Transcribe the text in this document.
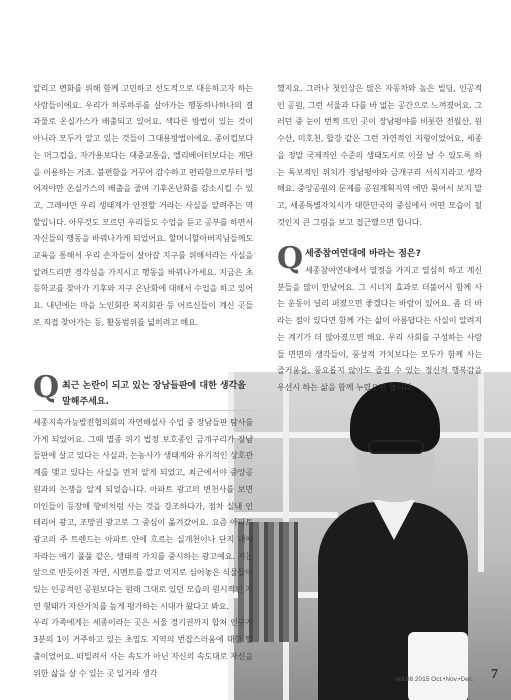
알리고 변화를 위해 함께 고민하고 선도적으로 대응하고자 하는 사람들이에요. 우리가 하루하루를 살아가는 행동하나하나의 결과물로 온실가스가 배출되고 있어요. 색다른 방법이 있는 것이 아니라 모두가 알고 있는 것들이 그대용방법이에요. 종이컵보다는 머그컵을, 자가용보다는 대중교통을, 엘리베이터보다는 계단을 이용하는 거죠. 불편함을 거꾸어 감수하고 편리함으로부터 멀어져야만 온실가스의 배출을 줄여 기후온난화를 감소시킬 수 있고, 그래야만 우리 생태계가 안전할 거라는 사실을 알려주는 역할입니다. 아무것도 모르던 우리들도 수업을 듣고 공부를 하면서 자신들의 행동을 바꿔나가게 되었어요. 할머니할아버지님들께도 교육을 통해서 우리 손자들이 살아갈 지구를 위해서라는 사실을 알려드리면 경각심을 가지시고 행동을 바꿔나가세요. 지금은 초등학교를 찾아가 기후와 지구 온난화에 대해서 수업을 하고 있어요. 내년에는 마을 노인회관 복지회관 등 어르신들이 계신 곳들로 직접 찾아가는 등, 활동범위를 넓히려고 해요.

Q 최근 논란이 되고 있는 장남들판에 대한 생각을 말해주세요.

세종지속가능발전협의회의 자연해설사 수업 중 장남들판 탐사를 가게 되었어요. 그때 멸종 위기 법정 보호종인 금개구리가 장남들판에 살고 있다는 사실과, 논농사가 생태계와 유기적인 상호관계를 맺고 있다는 사실을 먼저 알게 되었고, 최근에서야 중앙공원과의 논쟁을 알게 되었습니다. 아파트 광고의 변천사를 보면 미인들이 등장해 향비처럼 사는 것을 강조하다가, 점차 실내 인테리어 광고, 조망권 광고로 그 중심이 옮겨갔어요. 요즘 아파트 광고의 주 트렌드는 아파트 안에 흐르는 실개천이나 단지 내에 자라는 애기 풀풀 같은, 생태적 가치를 중시하는 광고예요. 저는 앞으로 반듯이진 자연, 시멘트를 깔고 억지로 심어놓은 식물들이 있는 인공적인 공원보다는 원래 그대로 있던 모습의 원시적인 자연 형태가 자산가치를 높게 평가하는 시대가 왔다고 봐요.

우리 가족에게는 세종이라는 곳은 서울 경기권까지 합쳐 인구가 3분의 1이 거주하고 있는 초밀도 지역의 번잡스러움에 대한 탈출이었어요. 떠밀려서 사는 속도가 아닌 자신의 속도대로 자신을 위한 삶을 살 수 있는 곳 일거라 생각

했지요. 그러나 첫인상은 많은 자동차와 높은 빌딩, 인공적인 공원, 그런 서울과 다를 바 없는 공간으로 느껴졌어요. 그러던 중 눈이 번쩍 뜨인 곳이 장남평야를 비롯한 전월산, 원수산, 미호천, 합강 같은 그런 자연적인 지형이었어요. 세종을 정말 국제적인 수준의 생태도시로 이끌 날 수 있도록 하는 독보적인 위치가 장남평야와 금개구리 서식지라고 생각해요. 중앙공원의 문제를 공원계획지역 에만 묶어서 보지 말고, 세종특별자치시가 대한민국의 중심에서 어떤 모습이 될 것인지 큰 그림을 보고 접근했으면 합니다.

Q 세종참여연대에 바라는 점은?

세종참여연대에서 열정을 가지고 열심히 하고 계신 분들을 많이 만났어요. 그 시너지 효과로 더불어서 함께 사는 운동이 널리 퍼졌으면 좋겠다는 바람이 있어요. 좀 더 바라는 점이 있다면 함께 가는 삶이 아름답다는 사실이 알려지는 계기가 더 많아졌으면 해요. 우리 사회를 구성하는 사람들 면면의 생각들이, 풍성적 가치보다는 모두가 함께 사는 즐거움을, 풍요롭지 않아도 즐길 수 있는 정신적 행복감을 우선시 하는 삶을 함께 누렸으면 합니다.

Vol.08 2015 Oct.•Nov.•Dec. 7
